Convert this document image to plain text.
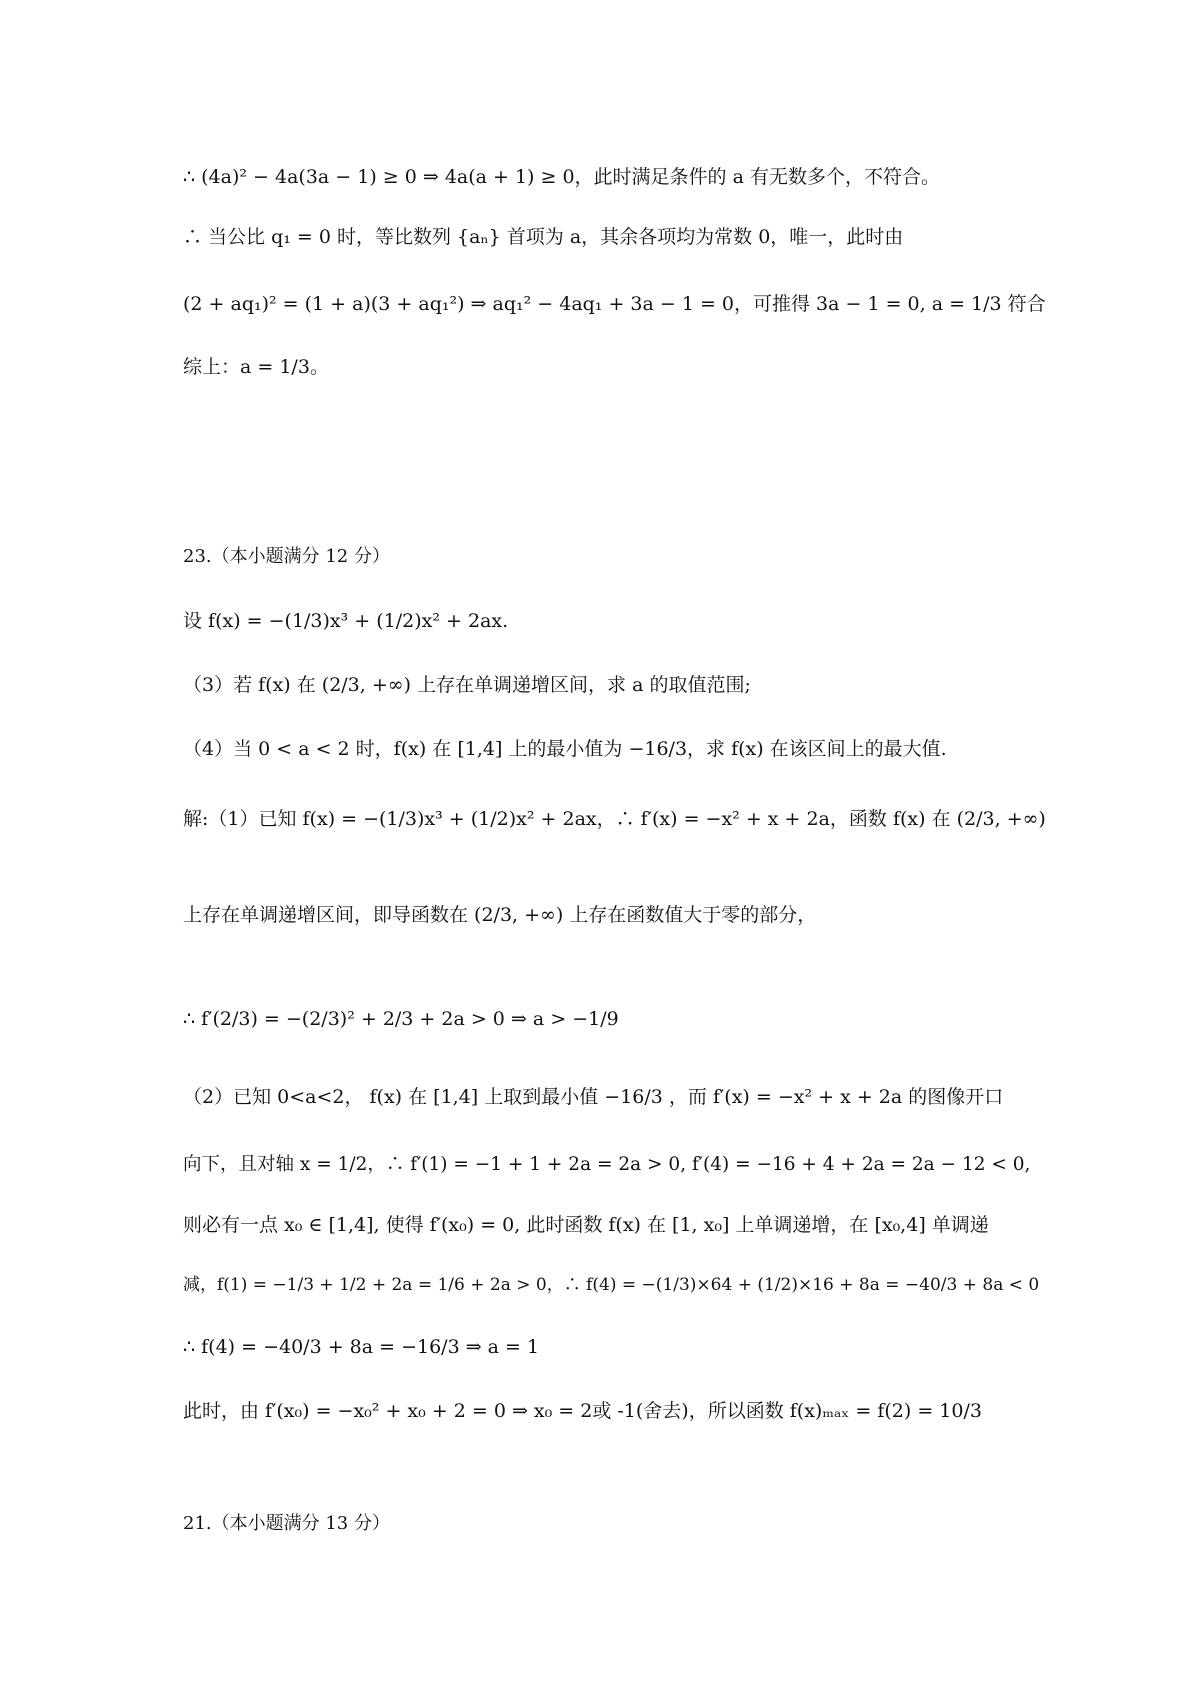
∴ (4a)² − 4a(3a − 1) ≥ 0 ⇒ 4a(a + 1) ≥ 0，此时满足条件的 a 有无数多个，不符合。
∴ 当公比 q₁ = 0 时，等比数列 {aₙ} 首项为 a，其余各项均为常数 0，唯一，此时由
(2 + aq₁)² = (1 + a)(3 + aq₁²) ⇒ aq₁² − 4aq₁ + 3a − 1 = 0，可推得 3a − 1 = 0, a = 1/3 符合
综上：a = 1/3。
23.（本小题满分 12 分）
设 f(x) = −(1/3)x³ + (1/2)x² + 2ax.
（3）若 f(x) 在 (2/3, +∞) 上存在单调递增区间，求 a 的取值范围;
（4）当 0 < a < 2 时，f(x) 在 [1,4] 上的最小值为 −16/3，求 f(x) 在该区间上的最大值.
解:（1）已知 f(x) = −(1/3)x³ + (1/2)x² + 2ax，∴ f′(x) = −x² + x + 2a，函数 f(x) 在 (2/3, +∞)
上存在单调递增区间，即导函数在 (2/3, +∞) 上存在函数值大于零的部分，
∴ f′(2/3) = −(2/3)² + 2/3 + 2a > 0 ⇒ a > −1/9
（2）已知 0<a<2， f(x) 在 [1,4] 上取到最小值 −16/3 ，而 f′(x) = −x² + x + 2a 的图像开口
向下，且对轴 x = 1/2，∴ f′(1) = −1 + 1 + 2a = 2a > 0, f′(4) = −16 + 4 + 2a = 2a − 12 < 0,
则必有一点 x₀ ∈ [1,4], 使得 f′(x₀) = 0, 此时函数 f(x) 在 [1, x₀] 上单调递增，在 [x₀,4] 单调递
减，f(1) = −1/3 + 1/2 + 2a = 1/6 + 2a > 0，∴ f(4) = −(1/3)×64 + (1/2)×16 + 8a = −40/3 + 8a < 0
∴ f(4) = −40/3 + 8a = −16/3 ⇒ a = 1
此时，由 f′(x₀) = −x₀² + x₀ + 2 = 0 ⇒ x₀ = 2或 -1(舍去)，所以函数 f(x)ₘₐₓ = f(2) = 10/3
21.（本小题满分 13 分）
